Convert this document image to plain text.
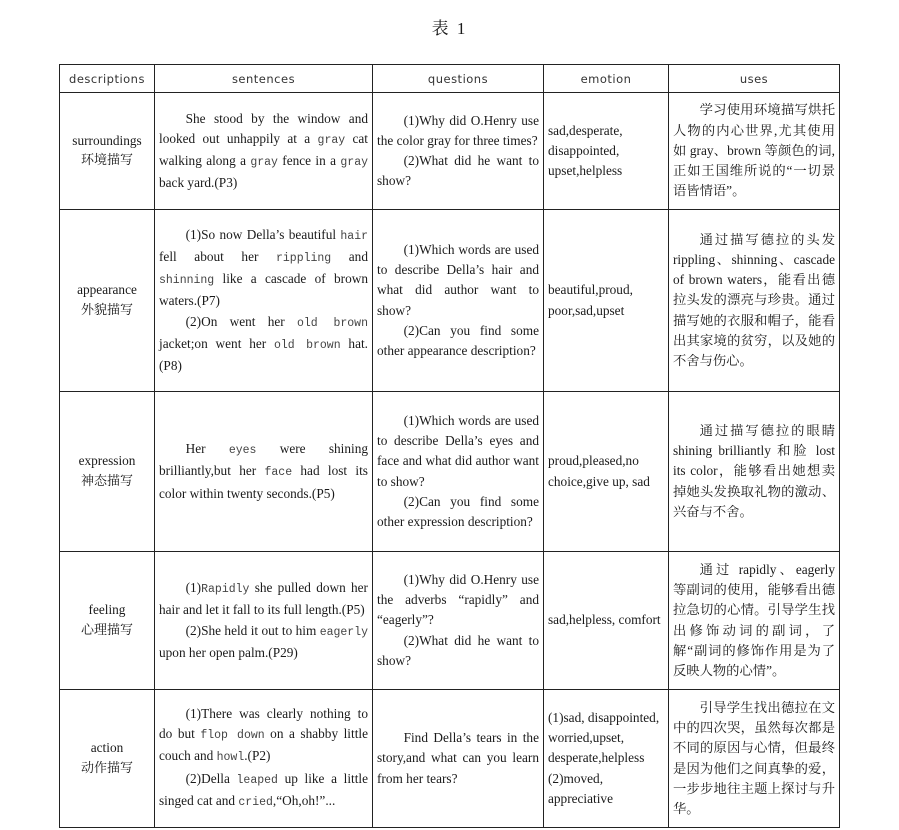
表 1
descriptions	sentences	questions	emotion	uses

surroundings
环境描写	She stood by the window and looked out unhappily at a gray cat walking along a gray fence in a gray back yard.(P3)	(1)Why did O.Henry use the color gray for three times?
(2)What did he want to show?	sad,desperate, disappointed, upset,helpless	学习使用环境描写烘托人物的内心世界,尤其使用如 gray、brown 等颜色的词,正如王国维所说的“一切景语皆情语”。

appearance
外貌描写	(1)So now Della’s beautiful hair fell about her rippling and shinning like a cascade of brown waters.(P7)
(2)On went her old brown jacket;on went her old brown hat.(P8)	(1)Which words are used to describe Della’s hair and what did author want to show?
(2)Can you find some other appearance description?	beautiful,proud, poor,sad,upset	通过描写德拉的头发 rippling、shinning、cascade of brown waters，能看出德拉头发的漂亮与珍贵。通过描写她的衣服和帽子，能看出其家境的贫穷，以及她的不舍与伤心。

expression
神态描写	Her eyes were shining brilliantly,but her face had lost its color within twenty seconds.(P5)	(1)Which words are used to describe Della’s eyes and face and what did author want to show?
(2)Can you find some other expression description?	proud,pleased,no choice,give up, sad	通过描写德拉的眼睛 shining brilliantly 和脸 lost its color，能够看出她想卖掉她头发换取礼物的激动、兴奋与不舍。

feeling
心理描写	(1)Rapidly she pulled down her hair and let it fall to its full length.(P5)
(2)She held it out to him eagerly upon her open palm.(P29)	(1)Why did O.Henry use the adverbs “rapidly” and “eagerly”?
(2)What did he want to show?	sad,helpless, comfort	通过 rapidly、eagerly 等副词的使用，能够看出德拉急切的心情。引导学生找出修饰动词的副词，了解“副词的修饰作用是为了反映人物的心情”。

action
动作描写	(1)There was clearly nothing to do but flop down on a shabby little couch and howl.(P2)
(2)Della leaped up like a little singed cat and cried,“Oh,oh!”...	Find Della’s tears in the story,and what can you learn from her tears?	(1)sad, disappointed, worried,upset, desperate,helpless
(2)moved, appreciative	引导学生找出德拉在文中的四次哭，虽然每次都是不同的原因与心情，但最终是因为他们之间真挚的爱，一步步地往主题上探讨与升华。
